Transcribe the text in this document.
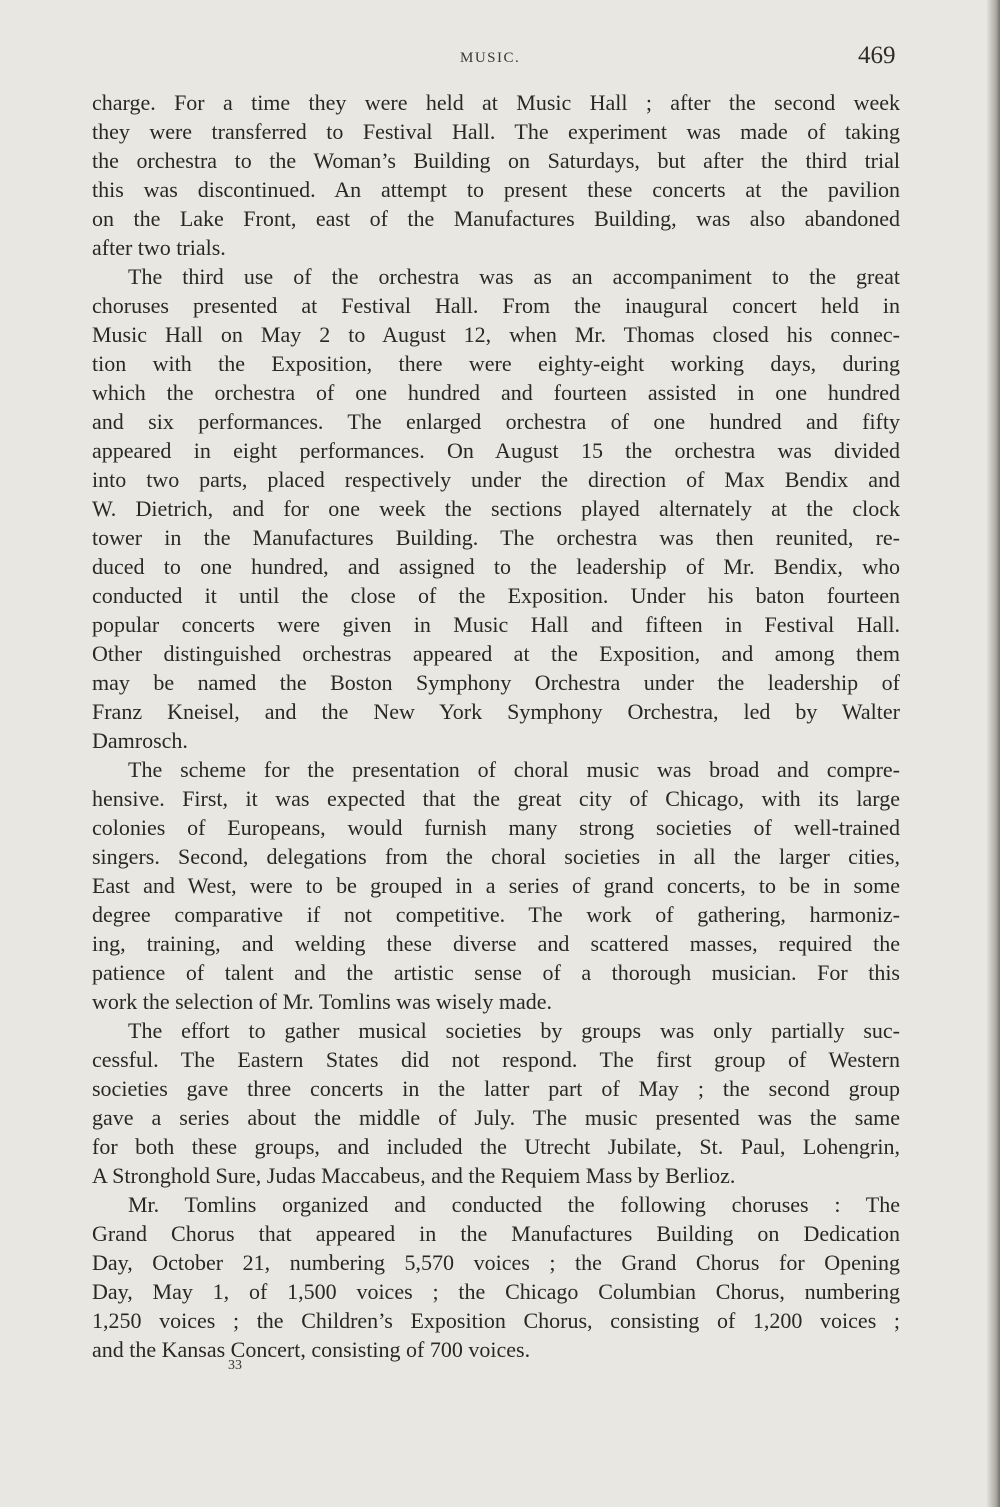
MUSIC.	469
charge. For a time they were held at Music Hall ; after the second week
they were transferred to Festival Hall. The experiment was made of taking
the orchestra to the Woman’s Building on Saturdays, but after the third trial
this was discontinued. An attempt to present these concerts at the pavilion
on the Lake Front, east of the Manufactures Building, was also abandoned
after two trials.
The third use of the orchestra was as an accompaniment to the great
choruses presented at Festival Hall. From the inaugural concert held in
Music Hall on May 2 to August 12, when Mr. Thomas closed his connec-
tion with the Exposition, there were eighty-eight working days, during
which the orchestra of one hundred and fourteen assisted in one hundred
and six performances. The enlarged orchestra of one hundred and fifty
appeared in eight performances. On August 15 the orchestra was divided
into two parts, placed respectively under the direction of Max Bendix and
W. Dietrich, and for one week the sections played alternately at the clock
tower in the Manufactures Building. The orchestra was then reunited, re-
duced to one hundred, and assigned to the leadership of Mr. Bendix, who
conducted it until the close of the Exposition. Under his baton fourteen
popular concerts were given in Music Hall and fifteen in Festival Hall.
Other distinguished orchestras appeared at the Exposition, and among them
may be named the Boston Symphony Orchestra under the leadership of
Franz Kneisel, and the New York Symphony Orchestra, led by Walter
Damrosch.
The scheme for the presentation of choral music was broad and compre-
hensive. First, it was expected that the great city of Chicago, with its large
colonies of Europeans, would furnish many strong societies of well-trained
singers. Second, delegations from the choral societies in all the larger cities,
East and West, were to be grouped in a series of grand concerts, to be in some
degree comparative if not competitive. The work of gathering, harmoniz-
ing, training, and welding these diverse and scattered masses, required the
patience of talent and the artistic sense of a thorough musician. For this
work the selection of Mr. Tomlins was wisely made.
The effort to gather musical societies by groups was only partially suc-
cessful. The Eastern States did not respond. The first group of Western
societies gave three concerts in the latter part of May ; the second group
gave a series about the middle of July. The music presented was the same
for both these groups, and included the Utrecht Jubilate, St. Paul, Lohengrin,
A Stronghold Sure, Judas Maccabeus, and the Requiem Mass by Berlioz.
Mr. Tomlins organized and conducted the following choruses : The
Grand Chorus that appeared in the Manufactures Building on Dedication
Day, October 21, numbering 5,570 voices ; the Grand Chorus for Opening
Day, May 1, of 1,500 voices ; the Chicago Columbian Chorus, numbering
1,250 voices ; the Children’s Exposition Chorus, consisting of 1,200 voices ;
and the Kansas Concert, consisting of 700 voices.
33
